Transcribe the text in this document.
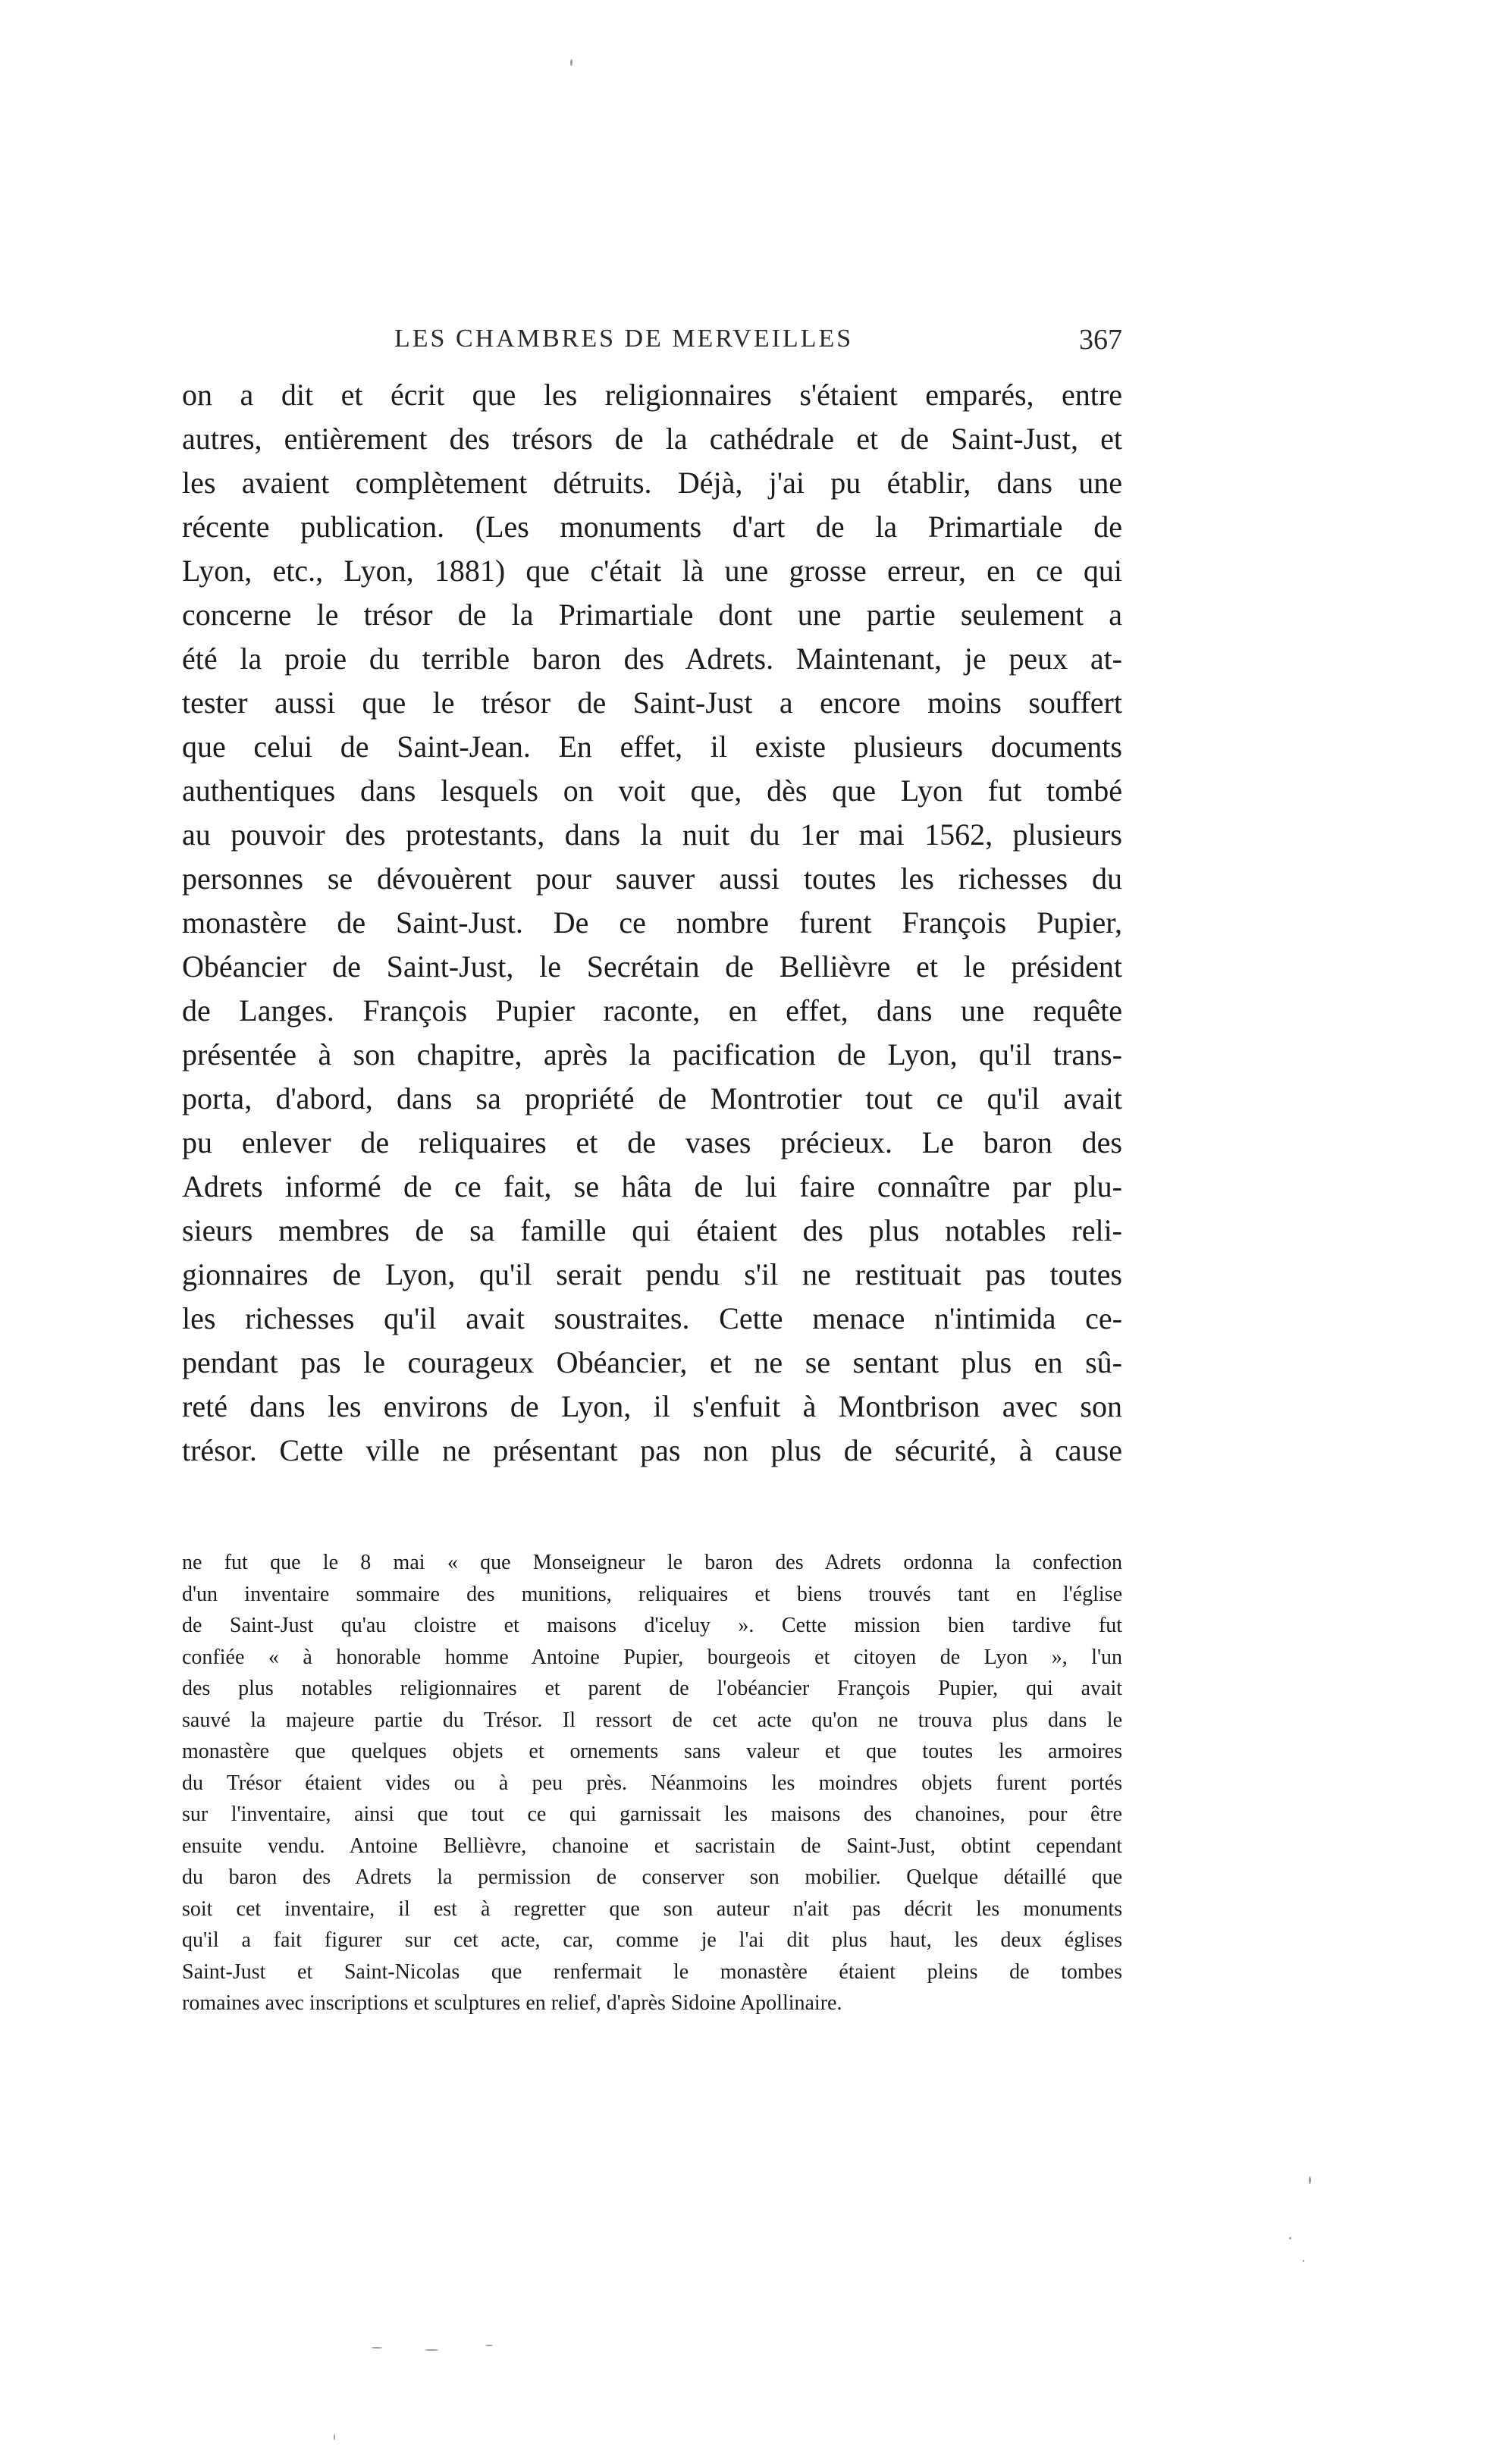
LES CHAMBRES DE MERVEILLES	367
on a dit et écrit que les religionnaires s'étaient emparés, entre
autres, entièrement des trésors de la cathédrale et de Saint-Just, et
les avaient complètement détruits. Déjà, j'ai pu établir, dans une
récente publication. (Les monuments d'art de la Primartiale de
Lyon, etc., Lyon, 1881) que c'était là une grosse erreur, en ce qui
concerne le trésor de la Primartiale dont une partie seulement a
été la proie du terrible baron des Adrets. Maintenant, je peux at-
tester aussi que le trésor de Saint-Just a encore moins souffert
que celui de Saint-Jean. En effet, il existe plusieurs documents
authentiques dans lesquels on voit que, dès que Lyon fut tombé
au pouvoir des protestants, dans la nuit du 1er mai 1562, plusieurs
personnes se dévouèrent pour sauver aussi toutes les richesses du
monastère de Saint-Just. De ce nombre furent François Pupier,
Obéancier de Saint-Just, le Secrétain de Bellièvre et le président
de Langes. François Pupier raconte, en effet, dans une requête
présentée à son chapitre, après la pacification de Lyon, qu'il trans-
porta, d'abord, dans sa propriété de Montrotier tout ce qu'il avait
pu enlever de reliquaires et de vases précieux. Le baron des
Adrets informé de ce fait, se hâta de lui faire connaître par plu-
sieurs membres de sa famille qui étaient des plus notables reli-
gionnaires de Lyon, qu'il serait pendu s'il ne restituait pas toutes
les richesses qu'il avait soustraites. Cette menace n'intimida ce-
pendant pas le courageux Obéancier, et ne se sentant plus en sû-
reté dans les environs de Lyon, il s'enfuit à Montbrison avec son
trésor. Cette ville ne présentant pas non plus de sécurité, à cause
ne fut que le 8 mai « que Monseigneur le baron des Adrets ordonna la confection
d'un inventaire sommaire des munitions, reliquaires et biens trouvés tant en l'église
de Saint-Just qu'au cloistre et maisons d'iceluy ». Cette mission bien tardive fut
confiée « à honorable homme Antoine Pupier, bourgeois et citoyen de Lyon », l'un
des plus notables religionnaires et parent de l'obéancier François Pupier, qui avait
sauvé la majeure partie du Trésor. Il ressort de cet acte qu'on ne trouva plus dans le
monastère que quelques objets et ornements sans valeur et que toutes les armoires
du Trésor étaient vides ou à peu près. Néanmoins les moindres objets furent portés
sur l'inventaire, ainsi que tout ce qui garnissait les maisons des chanoines, pour être
ensuite vendu. Antoine Bellièvre, chanoine et sacristain de Saint-Just, obtint cependant
du baron des Adrets la permission de conserver son mobilier. Quelque détaillé que
soit cet inventaire, il est à regretter que son auteur n'ait pas décrit les monuments
qu'il a fait figurer sur cet acte, car, comme je l'ai dit plus haut, les deux églises
Saint-Just et Saint-Nicolas que renfermait le monastère étaient pleins de tombes
romaines avec inscriptions et sculptures en relief, d'après Sidoine Apollinaire.
